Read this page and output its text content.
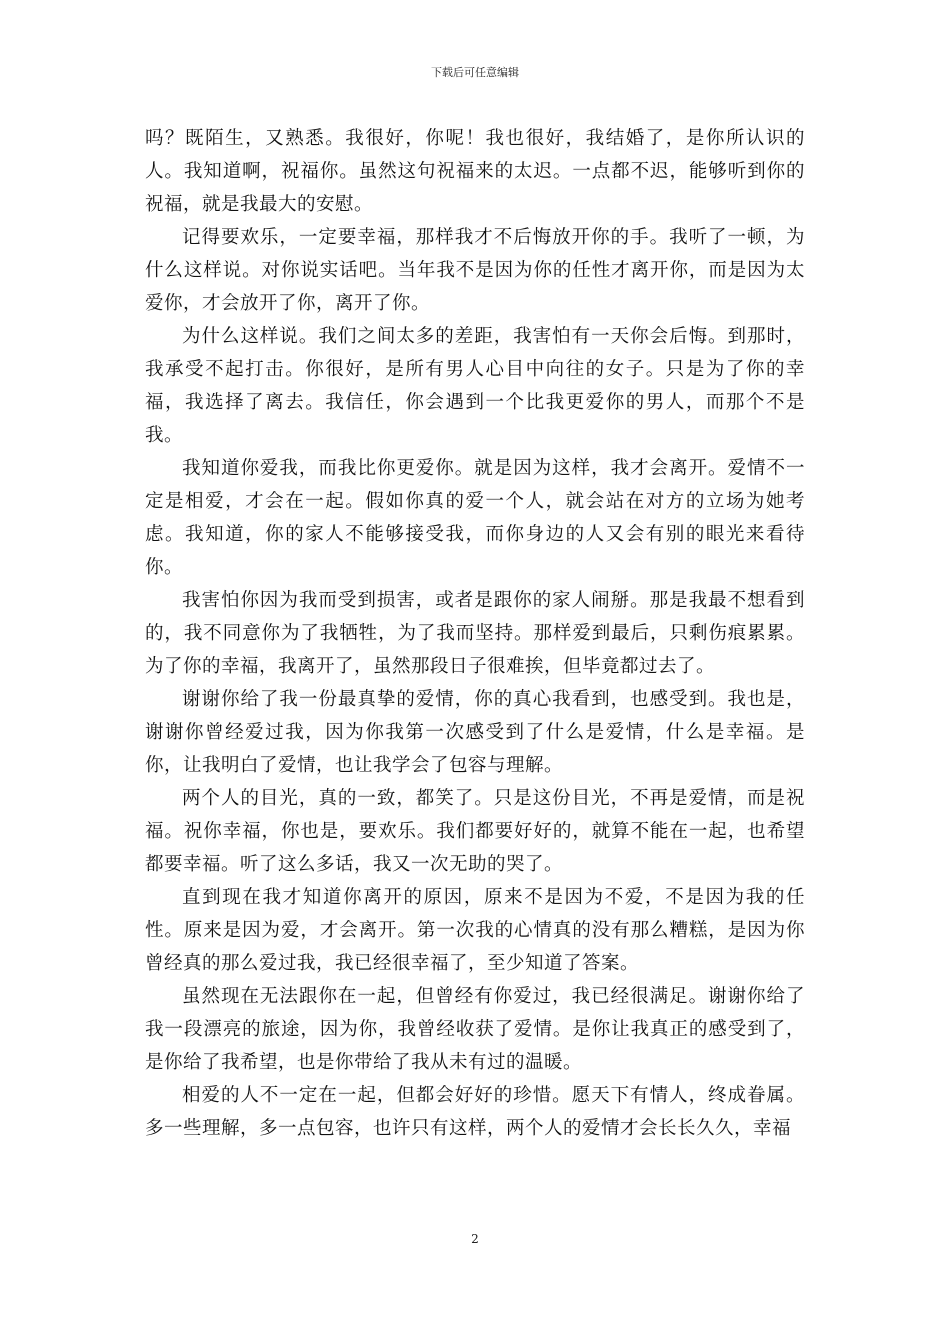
下载后可任意编辑

吗？既陌生，又熟悉。我很好，你呢！我也很好，我结婚了，是你所认识的人。我知道啊，祝福你。虽然这句祝福来的太迟。一点都不迟，能够听到你的祝福，就是我最大的安慰。

记得要欢乐，一定要幸福，那样我才不后悔放开你的手。我听了一顿，为什么这样说。对你说实话吧。当年我不是因为你的任性才离开你，而是因为太爱你，才会放开了你，离开了你。

为什么这样说。我们之间太多的差距，我害怕有一天你会后悔。到那时，我承受不起打击。你很好，是所有男人心目中向往的女子。只是为了你的幸福，我选择了离去。我信任，你会遇到一个比我更爱你的男人，而那个不是我。

我知道你爱我，而我比你更爱你。就是因为这样，我才会离开。爱情不一定是相爱，才会在一起。假如你真的爱一个人，就会站在对方的立场为她考虑。我知道，你的家人不能够接受我，而你身边的人又会有别的眼光来看待你。

我害怕你因为我而受到损害，或者是跟你的家人闹掰。那是我最不想看到的，我不同意你为了我牺牲，为了我而坚持。那样爱到最后，只剩伤痕累累。为了你的幸福，我离开了，虽然那段日子很难挨，但毕竟都过去了。

谢谢你给了我一份最真挚的爱情，你的真心我看到，也感受到。我也是，谢谢你曾经爱过我，因为你我第一次感受到了什么是爱情，什么是幸福。是你，让我明白了爱情，也让我学会了包容与理解。

两个人的目光，真的一致，都笑了。只是这份目光，不再是爱情，而是祝福。祝你幸福，你也是，要欢乐。我们都要好好的，就算不能在一起，也希望都要幸福。听了这么多话，我又一次无助的哭了。

直到现在我才知道你离开的原因，原来不是因为不爱，不是因为我的任性。原来是因为爱，才会离开。第一次我的心情真的没有那么糟糕，是因为你曾经真的那么爱过我，我已经很幸福了，至少知道了答案。

虽然现在无法跟你在一起，但曾经有你爱过，我已经很满足。谢谢你给了我一段漂亮的旅途，因为你，我曾经收获了爱情。是你让我真正的感受到了，是你给了我希望，也是你带给了我从未有过的温暖。

相爱的人不一定在一起，但都会好好的珍惜。愿天下有情人，终成眷属。多一些理解，多一点包容，也许只有这样，两个人的爱情才会长长久久，幸福

2
